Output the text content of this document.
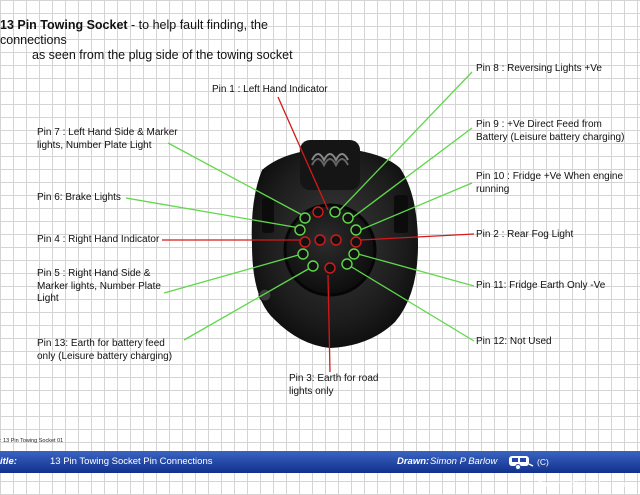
13 Pin Towing Socket - to help fault finding, the connections
as seen from the plug side of the towing socket
Pin 1 : Left Hand Indicator
Pin 7 : Left Hand Side & Marker
lights, Number Plate Light
Pin 6: Brake Lights
Pin 4 : Right Hand Indicator
Pin 5 : Right Hand Side &
Marker lights, Number Plate
Light
Pin 13: Earth for battery feed
only (Leisure battery charging)
Pin 3: Earth for road
lights only
Pin 8 : Reversing Lights +Ve
Pin 9 : +Ve Direct Feed from
Battery (Leisure battery charging)
Pin 10 : Fridge +Ve When engine
running
Pin 2 : Rear Fog Light
Pin 11: Fridge Earth Only -Ve
Pin 12: Not Used
: 13 Pin Towing Socket 01
itle:	13 Pin Towing Socket Pin Connections	Drawn: Simon P Barlow	(C) CaravanChronicles.com
